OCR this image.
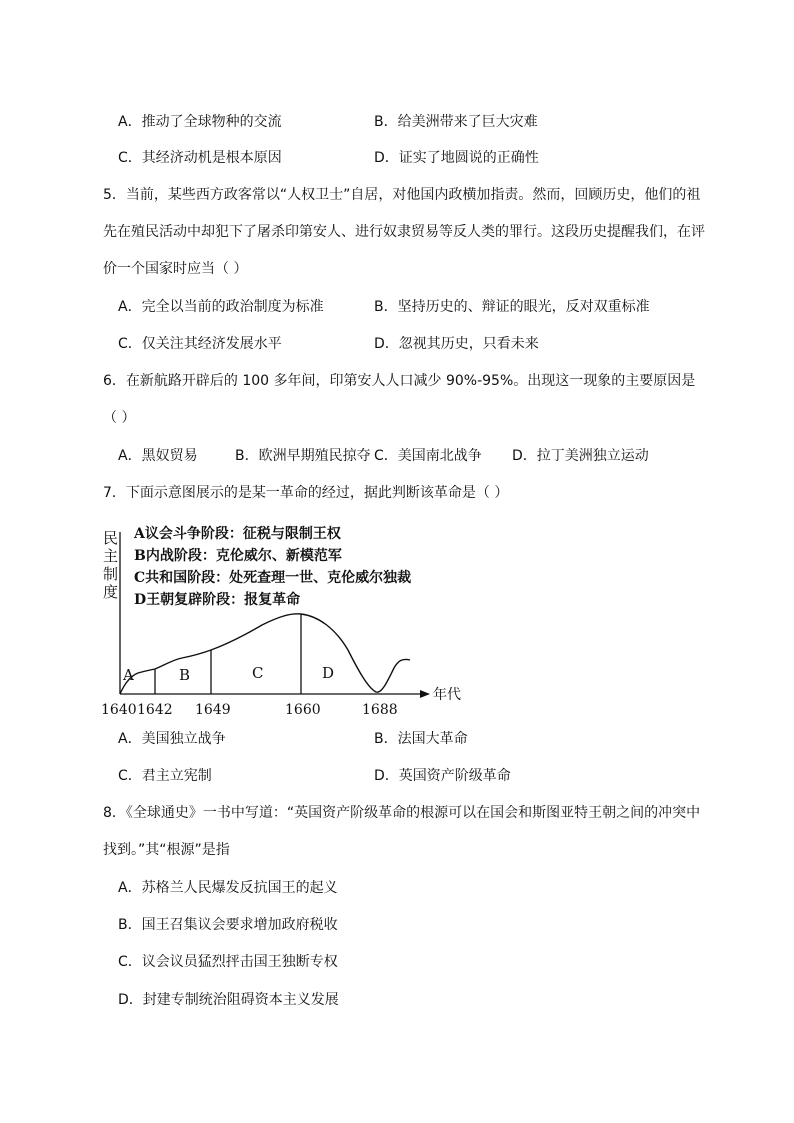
A．推动了全球物种的交流	B．给美洲带来了巨大灾难
C．其经济动机是根本原因	D．证实了地圆说的正确性
5．当前，某些西方政客常以“人权卫士”自居，对他国内政横加指责。然而，回顾历史，他们的祖
先在殖民活动中却犯下了屠杀印第安人、进行奴隶贸易等反人类的罪行。这段历史提醒我们，在评
价一个国家时应当（ ）
A．完全以当前的政治制度为标准	B．坚持历史的、辩证的眼光，反对双重标准
C．仅关注其经济发展水平	D．忽视其历史，只看未来
6．在新航路开辟后的 100 多年间，印第安人人口减少 90%-95%。出现这一现象的主要原因是
（ ）
A．黑奴贸易	B．欧洲早期殖民掠夺 C．美国南北战争 D．拉丁美洲独立运动
7．下面示意图展示的是某一革命的经过，据此判断该革命是（ ）
民
主
制
度
年代
A议会斗争阶段：征税与限制王权
B内战阶段：克伦威尔、新模范军
C共和国阶段：处死查理一世、克伦威尔独裁
D王朝复辟阶段：报复革命
A	B	C	D
1640 1642 1649	1660	1688
A．美国独立战争	B．法国大革命
C．君主立宪制	D．英国资产阶级革命
8．《全球通史》一书中写道：“英国资产阶级革命的根源可以在国会和斯图亚特王朝之间的冲突中
找到。”其“根源”是指
A．苏格兰人民爆发反抗国王的起义
B．国王召集议会要求增加政府税收
C．议会议员猛烈抨击国王独断专权
D．封建专制统治阻碍资本主义发展
